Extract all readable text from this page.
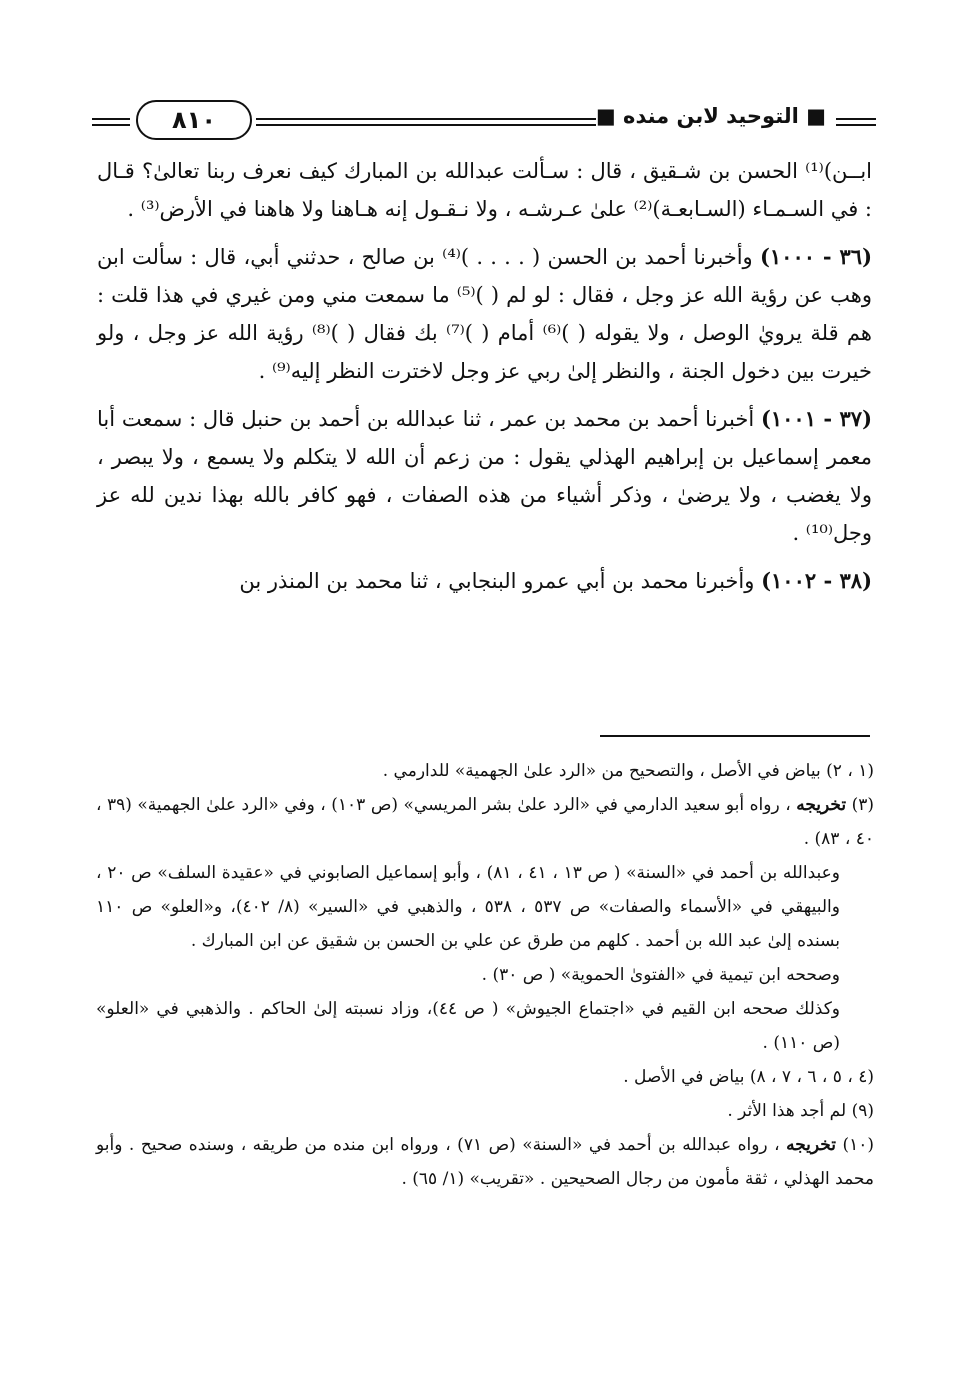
■ التوحيد لابن منده ■
٨١٠

ابــن)⁽¹⁾ الحسن بن شـقيق ، قال : سـألت عبدالله بن المبارك كيف نعرف ربنا تعالىٰ؟ قـال : في السـمـاء (السـابعـة)⁽²⁾ علىٰ عـرشـه ، ولا نـقـول إنه هـاهنا ولا هاهنا في الأرض⁽³⁾ .

(٣٦ - ١٠٠٠) وأخبرنا أحمد بن الحسن ( . . . . )⁽⁴⁾ بن صالح ، حدثني أبي، قال : سألت ابن وهب عن رؤية الله عز وجل ، فقال : لو لم ( )⁽⁵⁾ ما سمعت مني ومن غيري في هذا قلت : هم قلة يرويٰ الوصل ، ولا يقوله ( )⁽⁶⁾ أمام ( )⁽⁷⁾ بك فقال ( )⁽⁸⁾ رؤية الله عز وجل ، ولو خيرت بين دخول الجنة ، والنظر إلىٰ ربي عز وجل لاخترت النظر إليه⁽⁹⁾ .

(٣٧ - ١٠٠١) أخبرنا أحمد بن محمد بن عمر ، ثنا عبدالله بن أحمد بن حنبل قال : سمعت أبا معمر إسماعيل بن إبراهيم الهذلي يقول : من زعم أن الله لا يتكلم ولا يسمع ، ولا يبصر ، ولا يغضب ، ولا يرضىٰ ، وذكر أشياء من هذه الصفات ، فهو كافر بالله بهذا ندين لله عز وجل⁽¹⁰⁾ .

(٣٨ - ١٠٠٢) وأخبرنا محمد بن أبي عمرو البنجابي ، ثنا محمد بن المنذر بن

(١ ، ٢) بياض في الأصل ، والتصحيح من «الرد علىٰ الجهمية» للدارمي .

(٣) تخريجه ، رواه أبو سعيد الدارمي في «الرد علىٰ بشر المريسي» (ص ١٠٣) ، وفي «الرد علىٰ الجهمية» (٣٩ ، ٤٠ ، ٨٣) .

وعبدالله بن أحمد في «السنة» ( ص ١٣ ، ٤١ ، ٨١) ، وأبو إسماعيل الصابوني في «عقيدة السلف» ص ٢٠ ، والبيهقي في «الأسماء والصفات» ص ٥٣٧ ، ٥٣٨ ، والذهبي في «السير» (٨/ ٤٠٢)، و«العلو» ص ١١٠ بسنده إلىٰ عبد الله بن أحمد . كلهم من طرق عن علي بن الحسن بن شقيق عن ابن المبارك .

وصححه ابن تيمية في «الفتوىٰ الحموية» ( ص ٣٠) .

وكذلك صححه ابن القيم في «اجتماع الجيوش» ( ص ٤٤)، وزاد نسبته إلىٰ الحاكم . والذهبي في «العلو» (ص ١١٠) .

(٤ ، ٥ ، ٦ ، ٧ ، ٨) بياض في الأصل .

(٩) لم أجد هذا الأثر .

(١٠) تخريجه ، رواه عبدالله بن أحمد في «السنة» (ص ٧١) ، ورواه ابن منده من طريقه ، وسنده صحيح . وأبو محمد الهذلي ، ثقة مأمون من رجال الصحيحين . «تقريب» (١/ ٦٥) .
